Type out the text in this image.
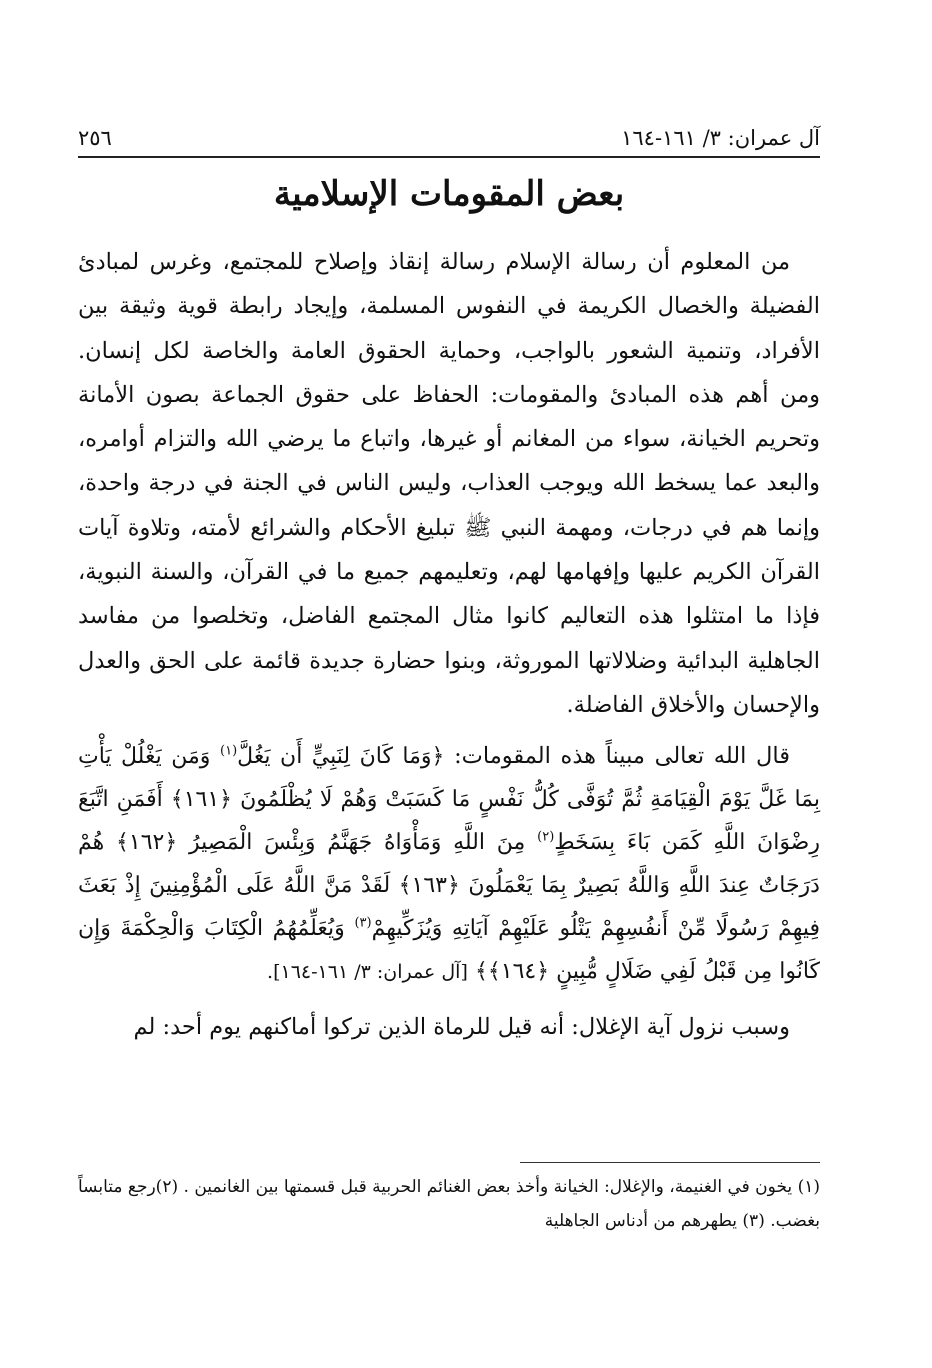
آل عمران: ٣/ ١٦١-١٦٤
٢٥٦
بعض المقومات الإسلامية

من المعلوم أن رسالة الإسلام رسالة إنقاذ وإصلاح للمجتمع، وغرس لمبادئ الفضيلة والخصال الكريمة في النفوس المسلمة، وإيجاد رابطة قوية وثيقة بين الأفراد، وتنمية الشعور بالواجب، وحماية الحقوق العامة والخاصة لكل إنسان. ومن أهم هذه المبادئ والمقومات: الحفاظ على حقوق الجماعة بصون الأمانة وتحريم الخيانة، سواء من المغانم أو غيرها، واتباع ما يرضي الله والتزام أوامره، والبعد عما يسخط الله ويوجب العذاب، وليس الناس في الجنة في درجة واحدة، وإنما هم في درجات، ومهمة النبي ﷺ تبليغ الأحكام والشرائع لأمته، وتلاوة آيات القرآن الكريم عليها وإفهامها لهم، وتعليمهم جميع ما في القرآن، والسنة النبوية، فإذا ما امتثلوا هذه التعاليم كانوا مثال المجتمع الفاضل، وتخلصوا من مفاسد الجاهلية البدائية وضلالاتها الموروثة، وبنوا حضارة جديدة قائمة على الحق والعدل والإحسان والأخلاق الفاضلة.

قال الله تعالى مبيناً هذه المقومات: ﴿وَمَا كَانَ لِنَبِيٍّ أَن يَغُلَّ$^{(١)}$ وَمَن يَغْلُلْ يَأْتِ بِمَا غَلَّ يَوْمَ الْقِيَامَةِ ثُمَّ تُوَفَّى كُلُّ نَفْسٍ مَا كَسَبَتْ وَهُمْ لَا يُظْلَمُونَ ﴿١٦١﴾ أَفَمَنِ اتَّبَعَ رِضْوَانَ اللَّهِ كَمَن بَاءَ بِسَخَطٍ$^{(٢)}$ مِنَ اللَّهِ وَمَأْوَاهُ جَهَنَّمُ وَبِئْسَ الْمَصِيرُ ﴿١٦٢﴾ هُمْ دَرَجَاتٌ عِندَ اللَّهِ وَاللَّهُ بَصِيرٌ بِمَا يَعْمَلُونَ ﴿١٦٣﴾ لَقَدْ مَنَّ اللَّهُ عَلَى الْمُؤْمِنِينَ إِذْ بَعَثَ فِيهِمْ رَسُولًا مِّنْ أَنفُسِهِمْ يَتْلُو عَلَيْهِمْ آيَاتِهِ وَيُزَكِّيهِمْ$^{(٣)}$ وَيُعَلِّمُهُمُ الْكِتَابَ وَالْحِكْمَةَ وَإِن كَانُوا مِن قَبْلُ لَفِي ضَلَالٍ مُّبِينٍ ﴿١٦٤﴾﴾ [آل عمران: ٣/ ١٦١-١٦٤].

وسبب نزول آية الإغلال: أنه قيل للرماة الذين تركوا أماكنهم يوم أحد: لم

(١) يخون في الغنيمة، والإغلال: الخيانة وأخذ بعض الغنائم الحربية قبل قسمتها بين الغانمين . (٢)رجع متابساً بغضب. (٣) يطهرهم من أدناس الجاهلية
